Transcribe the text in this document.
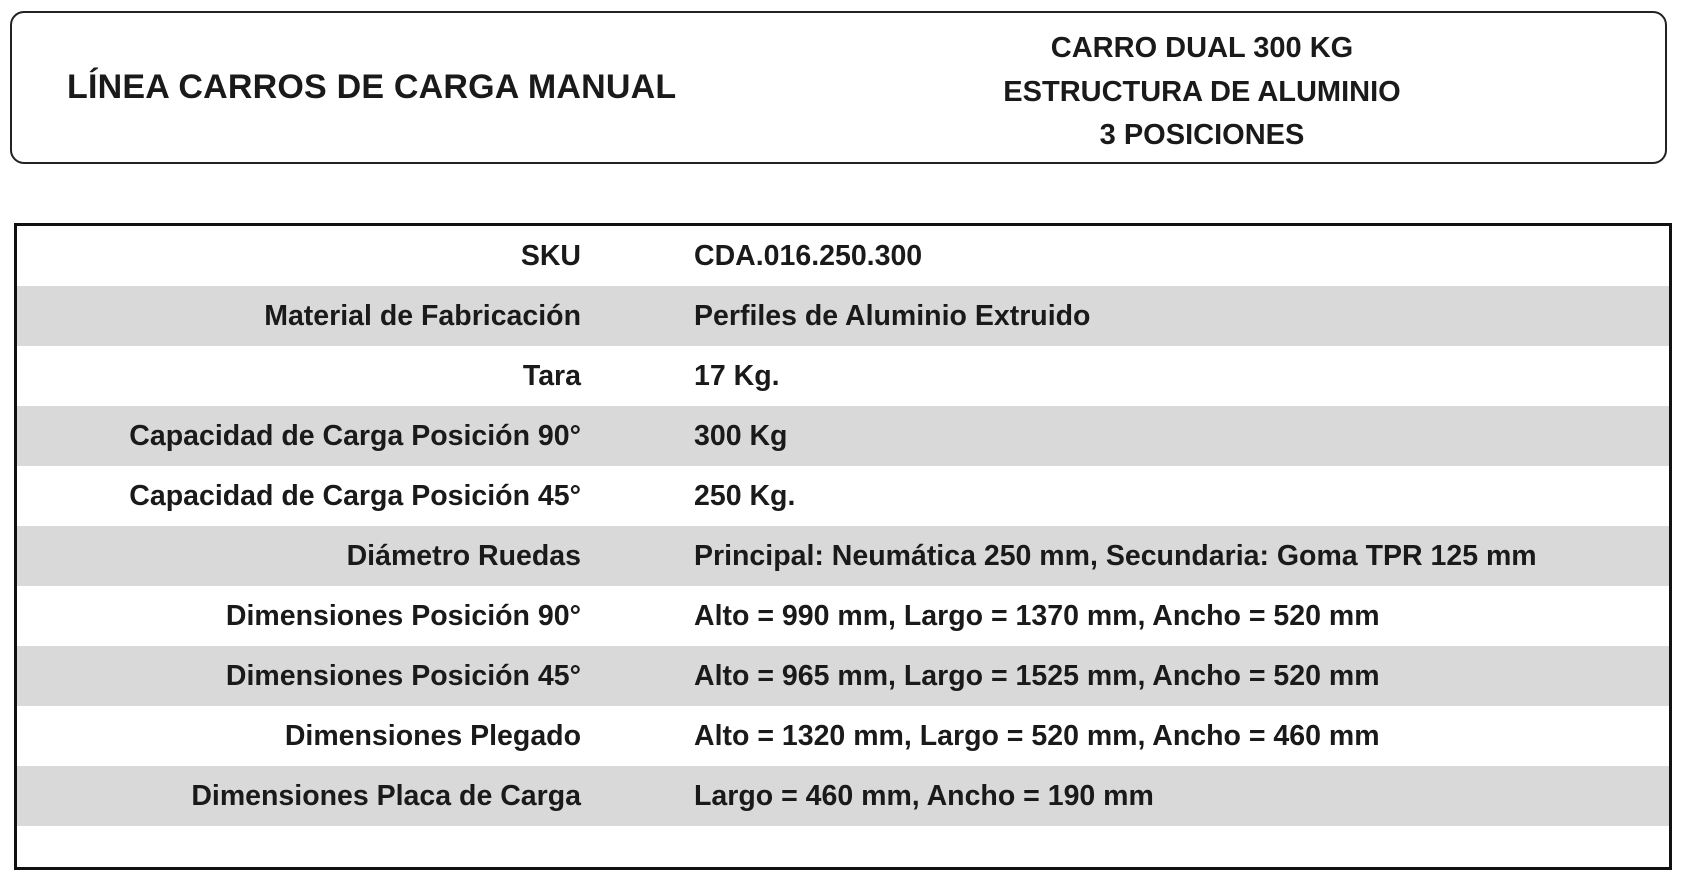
LÍNEA CARROS DE CARGA MANUAL
CARRO DUAL 300 KG
ESTRUCTURA DE ALUMINIO
3 POSICIONES
SKU	CDA.016.250.300
Material de Fabricación	Perfiles de Aluminio Extruido
Tara	17 Kg.
Capacidad de Carga Posición 90°	300 Kg
Capacidad de Carga Posición 45°	250 Kg.
Diámetro Ruedas	Principal: Neumática 250 mm, Secundaria: Goma TPR 125 mm
Dimensiones Posición 90°	Alto = 990 mm, Largo = 1370 mm, Ancho = 520 mm
Dimensiones Posición 45°	Alto = 965 mm, Largo = 1525 mm, Ancho = 520 mm
Dimensiones Plegado	Alto = 1320 mm, Largo = 520 mm, Ancho = 460 mm
Dimensiones Placa de Carga	Largo = 460 mm, Ancho = 190 mm
